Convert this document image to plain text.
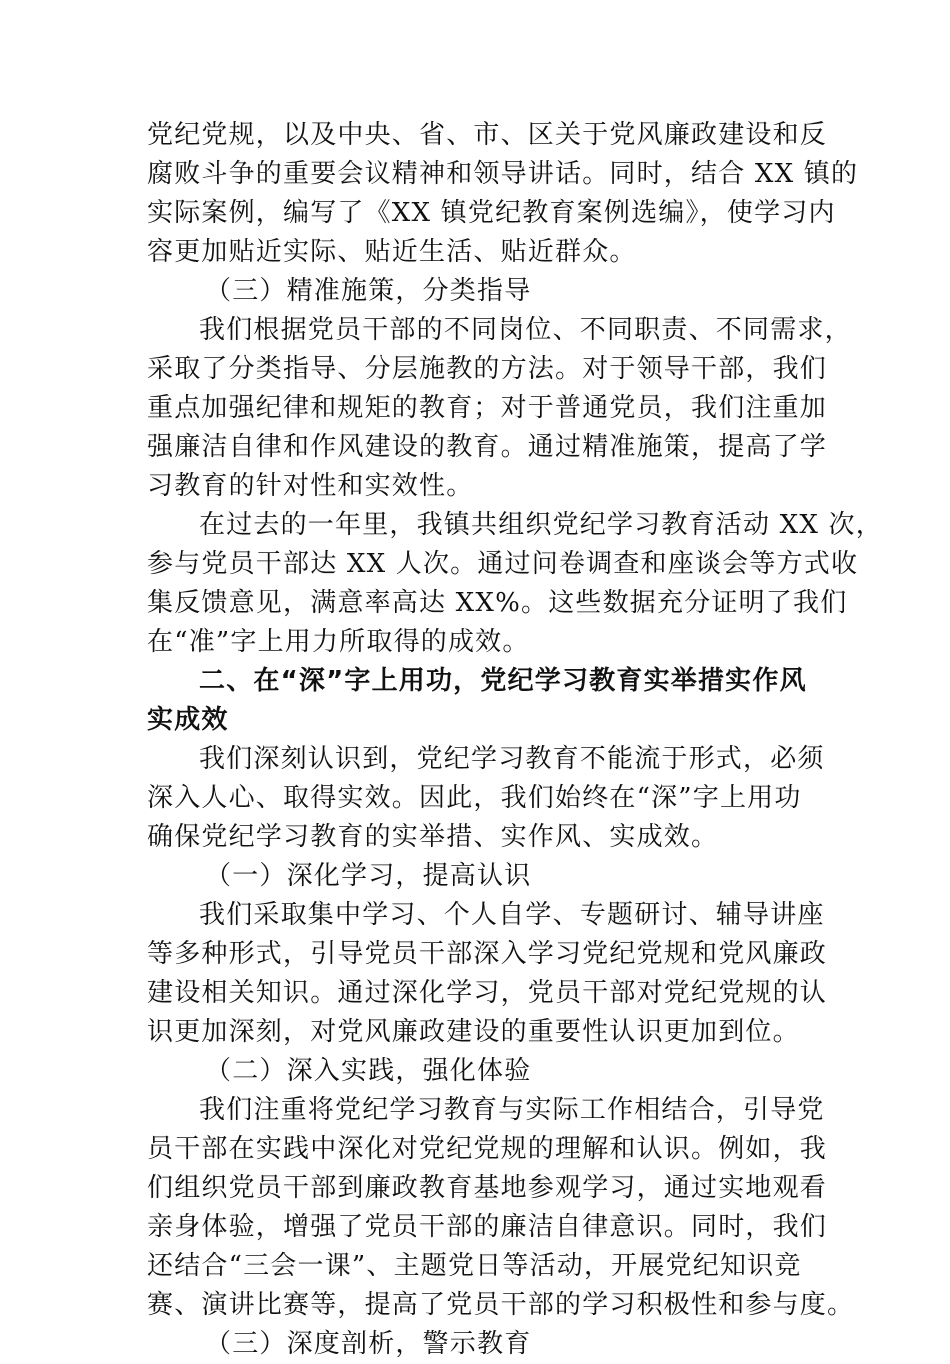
党纪党规，以及中央、省、市、区关于党风廉政建设和反
腐败斗争的重要会议精神和领导讲话。同时，结合 XX 镇的
实际案例，编写了《XX 镇党纪教育案例选编》，使学习内
容更加贴近实际、贴近生活、贴近群众。
（三）精准施策，分类指导
我们根据党员干部的不同岗位、不同职责、不同需求，
采取了分类指导、分层施教的方法。对于领导干部，我们
重点加强纪律和规矩的教育；对于普通党员，我们注重加
强廉洁自律和作风建设的教育。通过精准施策，提高了学
习教育的针对性和实效性。
在过去的一年里，我镇共组织党纪学习教育活动 XX 次，
参与党员干部达 XX 人次。通过问卷调查和座谈会等方式收
集反馈意见，满意率高达 XX%。这些数据充分证明了我们
在“准”字上用力所取得的成效。
二、在“深”字上用功，党纪学习教育实举措实作风
实成效
我们深刻认识到，党纪学习教育不能流于形式，必须
深入人心、取得实效。因此，我们始终在“深”字上用功
确保党纪学习教育的实举措、实作风、实成效。
（一）深化学习，提高认识
我们采取集中学习、个人自学、专题研讨、辅导讲座
等多种形式，引导党员干部深入学习党纪党规和党风廉政
建设相关知识。通过深化学习，党员干部对党纪党规的认
识更加深刻，对党风廉政建设的重要性认识更加到位。
（二）深入实践，强化体验
我们注重将党纪学习教育与实际工作相结合，引导党
员干部在实践中深化对党纪党规的理解和认识。例如，我
们组织党员干部到廉政教育基地参观学习，通过实地观看
亲身体验，增强了党员干部的廉洁自律意识。同时，我们
还结合“三会一课”、主题党日等活动，开展党纪知识竞
赛、演讲比赛等，提高了党员干部的学习积极性和参与度。
（三）深度剖析，警示教育
